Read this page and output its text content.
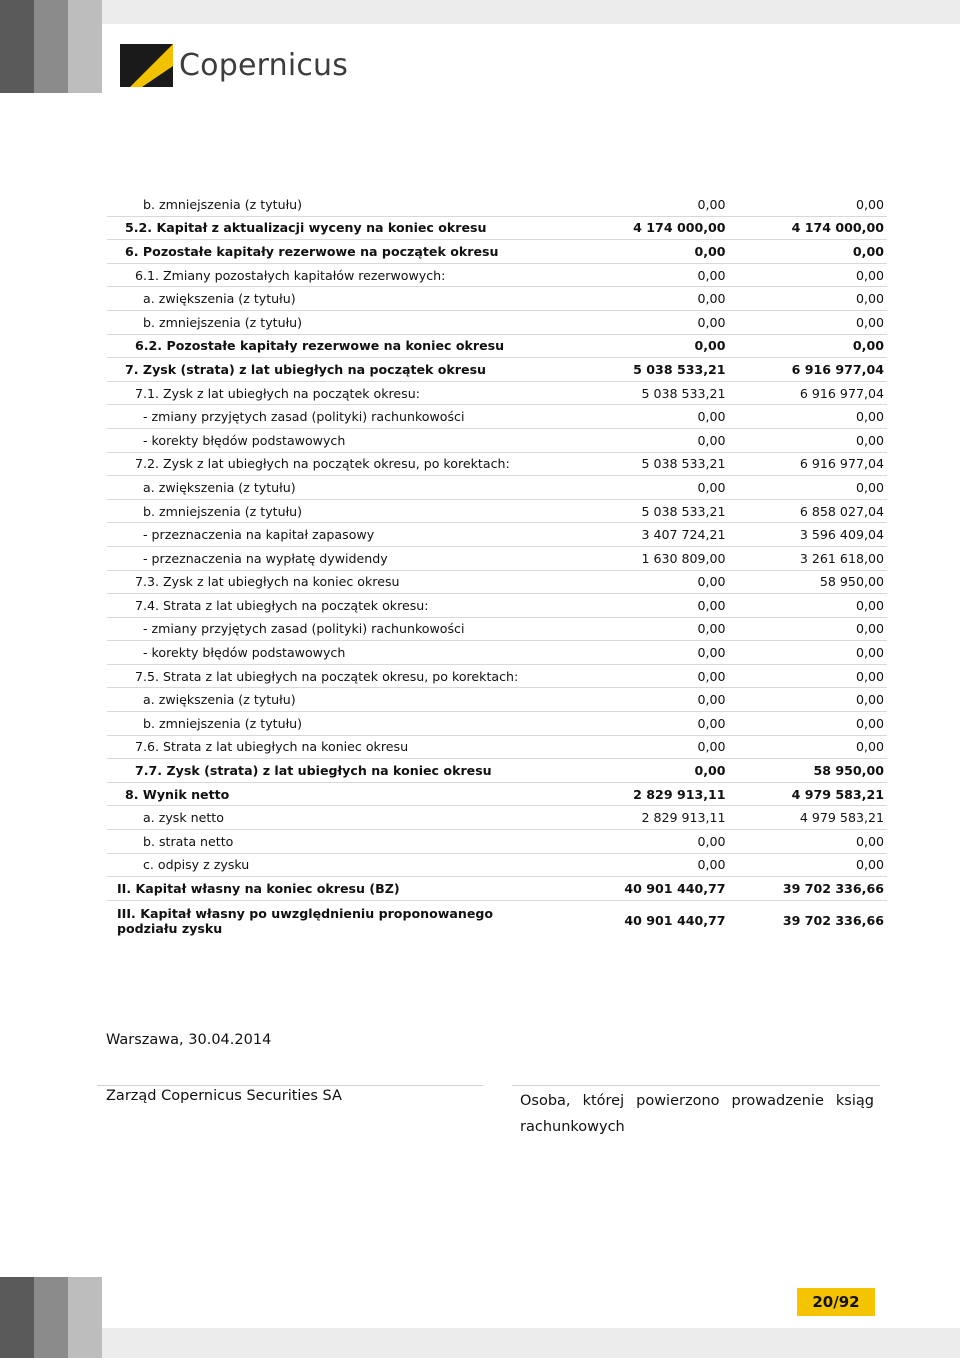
Copernicus
b. zmniejszenia (z tytułu)	0,00	0,00
5.2. Kapitał z aktualizacji wyceny na koniec okresu	4 174 000,00	4 174 000,00
6. Pozostałe kapitały rezerwowe na początek okresu	0,00	0,00
6.1. Zmiany pozostałych kapitałów rezerwowych:	0,00	0,00
a. zwiększenia (z tytułu)	0,00	0,00
b. zmniejszenia (z tytułu)	0,00	0,00
6.2. Pozostałe kapitały rezerwowe na koniec okresu	0,00	0,00
7. Zysk (strata) z lat ubiegłych na początek okresu	5 038 533,21	6 916 977,04
7.1. Zysk z lat ubiegłych na początek okresu:	5 038 533,21	6 916 977,04
- zmiany przyjętych zasad (polityki) rachunkowości	0,00	0,00
- korekty błędów podstawowych	0,00	0,00
7.2. Zysk z lat ubiegłych na początek okresu, po korektach:	5 038 533,21	6 916 977,04
a. zwiększenia (z tytułu)	0,00	0,00
b. zmniejszenia (z tytułu)	5 038 533,21	6 858 027,04
- przeznaczenia na kapitał zapasowy	3 407 724,21	3 596 409,04
- przeznaczenia na wypłatę dywidendy	1 630 809,00	3 261 618,00
7.3. Zysk z lat ubiegłych na koniec okresu	0,00	58 950,00
7.4. Strata z lat ubiegłych na początek okresu:	0,00	0,00
- zmiany przyjętych zasad (polityki) rachunkowości	0,00	0,00
- korekty błędów podstawowych	0,00	0,00
7.5. Strata z lat ubiegłych na początek okresu, po korektach:	0,00	0,00
a. zwiększenia (z tytułu)	0,00	0,00
b. zmniejszenia (z tytułu)	0,00	0,00
7.6. Strata z lat ubiegłych na koniec okresu	0,00	0,00
7.7. Zysk (strata) z lat ubiegłych na koniec okresu	0,00	58 950,00
8. Wynik netto	2 829 913,11	4 979 583,21
a. zysk netto	2 829 913,11	4 979 583,21
b. strata netto	0,00	0,00
c. odpisy z zysku	0,00	0,00
II. Kapitał własny na koniec okresu (BZ)	40 901 440,77	39 702 336,66

III. Kapitał własny po uwzględnieniu proponowanego podziału zysku	40 901 440,77	39 702 336,66
Warszawa, 30.04.2014
Zarząd Copernicus Securities SA	Osoba, której powierzono prowadzenie ksiąg
rachunkowych
20/92
